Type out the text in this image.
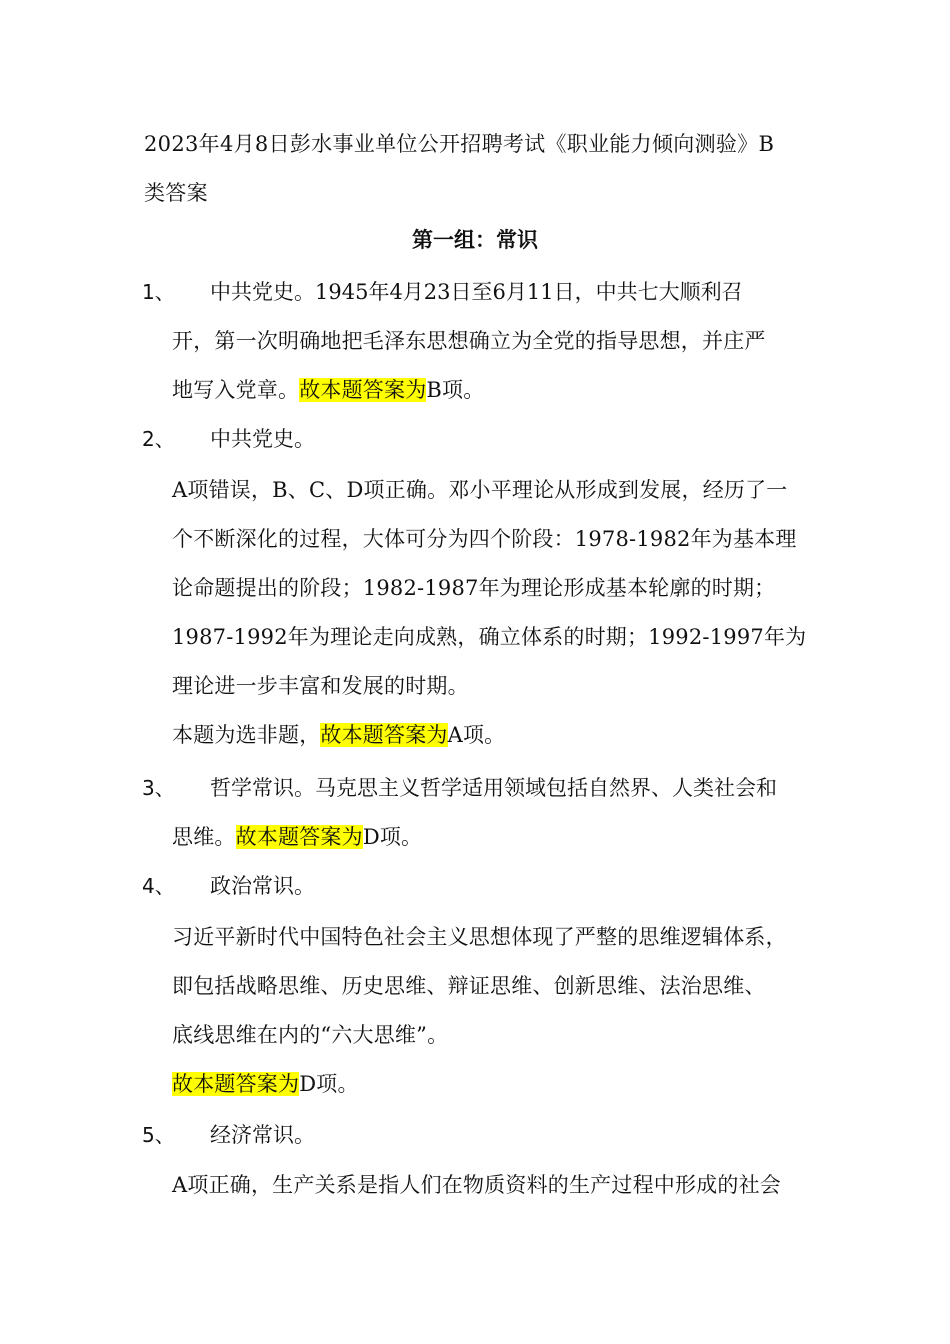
2023年4月8日彭水事业单位公开招聘考试《职业能力倾向测验》B
类答案
第一组：常识
1、 中共党史。1945年4月23日至6月11日，中共七大顺利召
开，第一次明确地把毛泽东思想确立为全党的指导思想，并庄严
地写入党章。故本题答案为B项。
2、 中共党史。
A项错误，B、C、D项正确。邓小平理论从形成到发展，经历了一
个不断深化的过程，大体可分为四个阶段：1978-1982年为基本理
论命题提出的阶段；1982-1987年为理论形成基本轮廓的时期；
1987-1992年为理论走向成熟，确立体系的时期；1992-1997年为
理论进一步丰富和发展的时期。
本题为选非题，故本题答案为A项。
3、 哲学常识。马克思主义哲学适用领域包括自然界、人类社会和
思维。故本题答案为D项。
4、 政治常识。
习近平新时代中国特色社会主义思想体现了严整的思维逻辑体系，
即包括战略思维、历史思维、辩证思维、创新思维、法治思维、
底线思维在内的“六大思维”。
故本题答案为D项。
5、 经济常识。
A项正确，生产关系是指人们在物质资料的生产过程中形成的社会
